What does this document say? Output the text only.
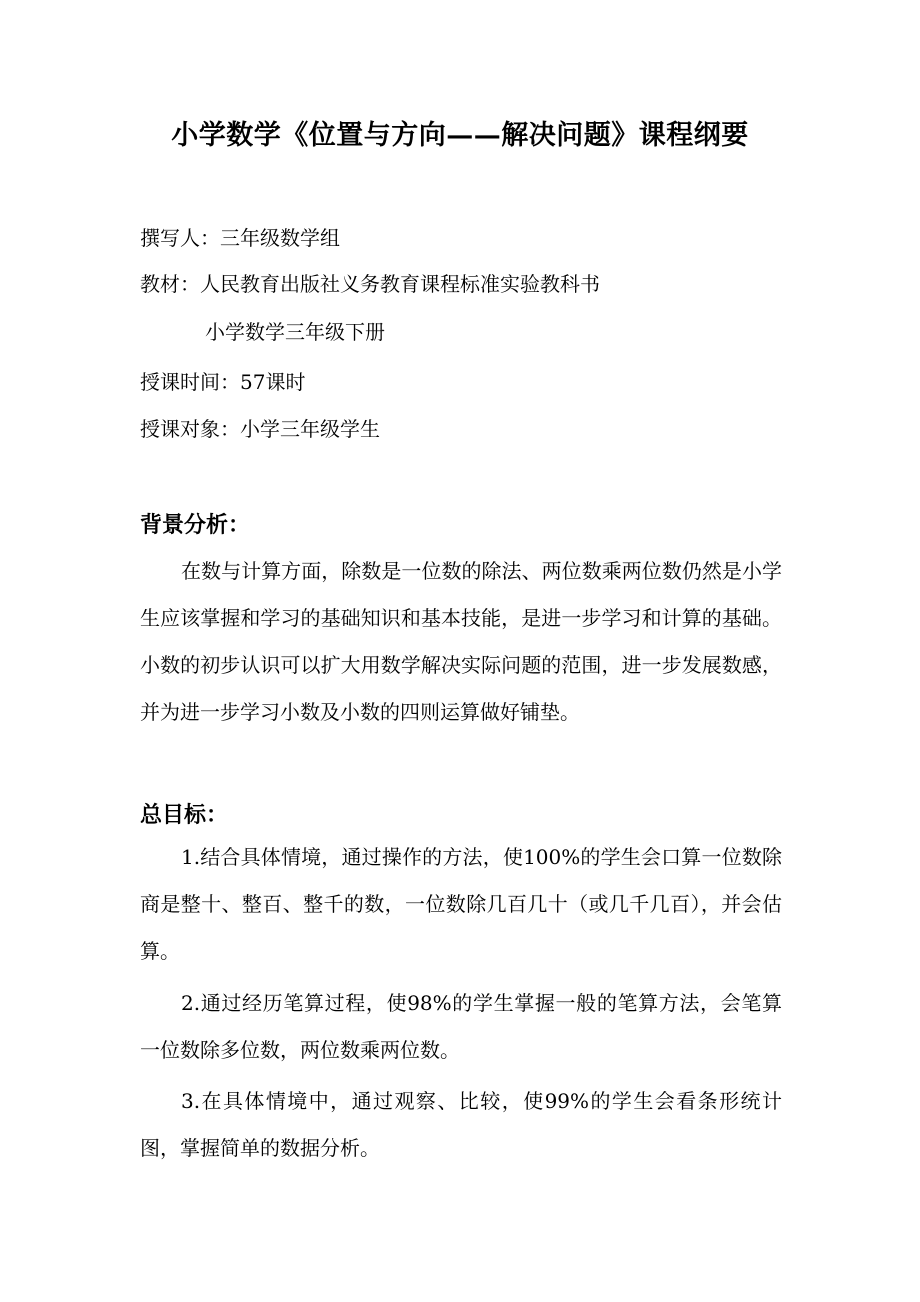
小学数学《位置与方向——解决问题》课程纲要
撰写人：三年级数学组
教材：人民教育出版社义务教育课程标准实验教科书
小学数学三年级下册
授课时间：57课时
授课对象：小学三年级学生
背景分析：
在数与计算方面，除数是一位数的除法、两位数乘两位数仍然是小学生应该掌握和学习的基础知识和基本技能，是进一步学习和计算的基础。小数的初步认识可以扩大用数学解决实际问题的范围，进一步发展数感，并为进一步学习小数及小数的四则运算做好铺垫。
总目标：
1.结合具体情境，通过操作的方法，使100%的学生会口算一位数除商是整十、整百、整千的数，一位数除几百几十（或几千几百），并会估算。
2.通过经历笔算过程，使98%的学生掌握一般的笔算方法，会笔算一位数除多位数，两位数乘两位数。
3.在具体情境中，通过观察、比较，使99%的学生会看条形统计图，掌握简单的数据分析。
